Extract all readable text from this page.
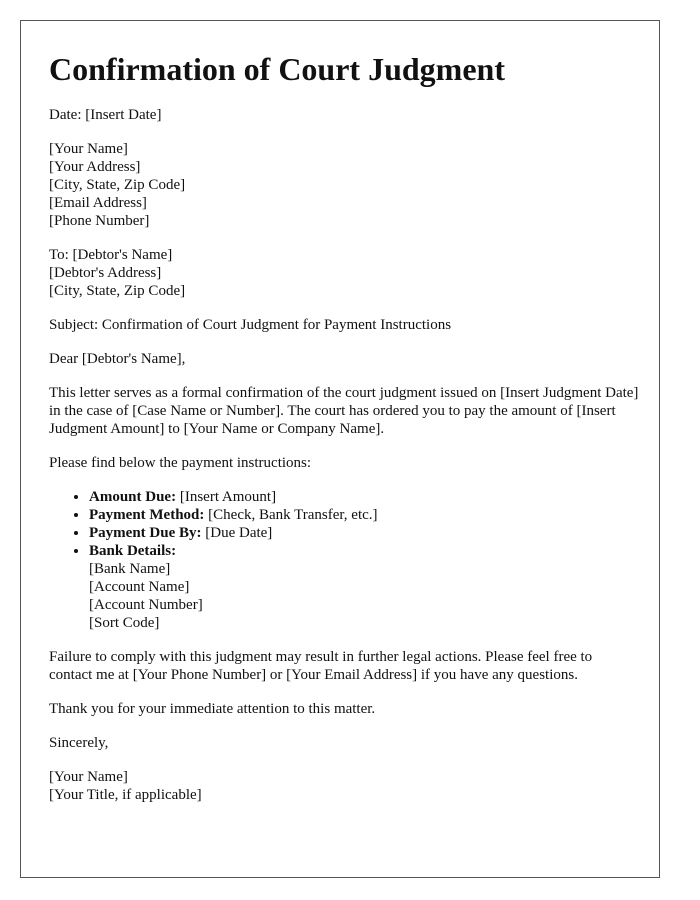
Confirmation of Court Judgment

Date: [Insert Date]

[Your Name]
[Your Address]
[City, State, Zip Code]
[Email Address]
[Phone Number]

To: [Debtor's Name]
[Debtor's Address]
[City, State, Zip Code]

Subject: Confirmation of Court Judgment for Payment Instructions

Dear [Debtor's Name],

This letter serves as a formal confirmation of the court judgment issued on [Insert Judgment Date] in the case of [Case Name or Number]. The court has ordered you to pay the amount of [Insert Judgment Amount] to [Your Name or Company Name].

Please find below the payment instructions:

• Amount Due: [Insert Amount]
• Payment Method: [Check, Bank Transfer, etc.]
• Payment Due By: [Due Date]
• Bank Details:
[Bank Name]
[Account Name]
[Account Number]
[Sort Code]

Failure to comply with this judgment may result in further legal actions. Please feel free to contact me at [Your Phone Number] or [Your Email Address] if you have any questions.

Thank you for your immediate attention to this matter.

Sincerely,

[Your Name]
[Your Title, if applicable]
